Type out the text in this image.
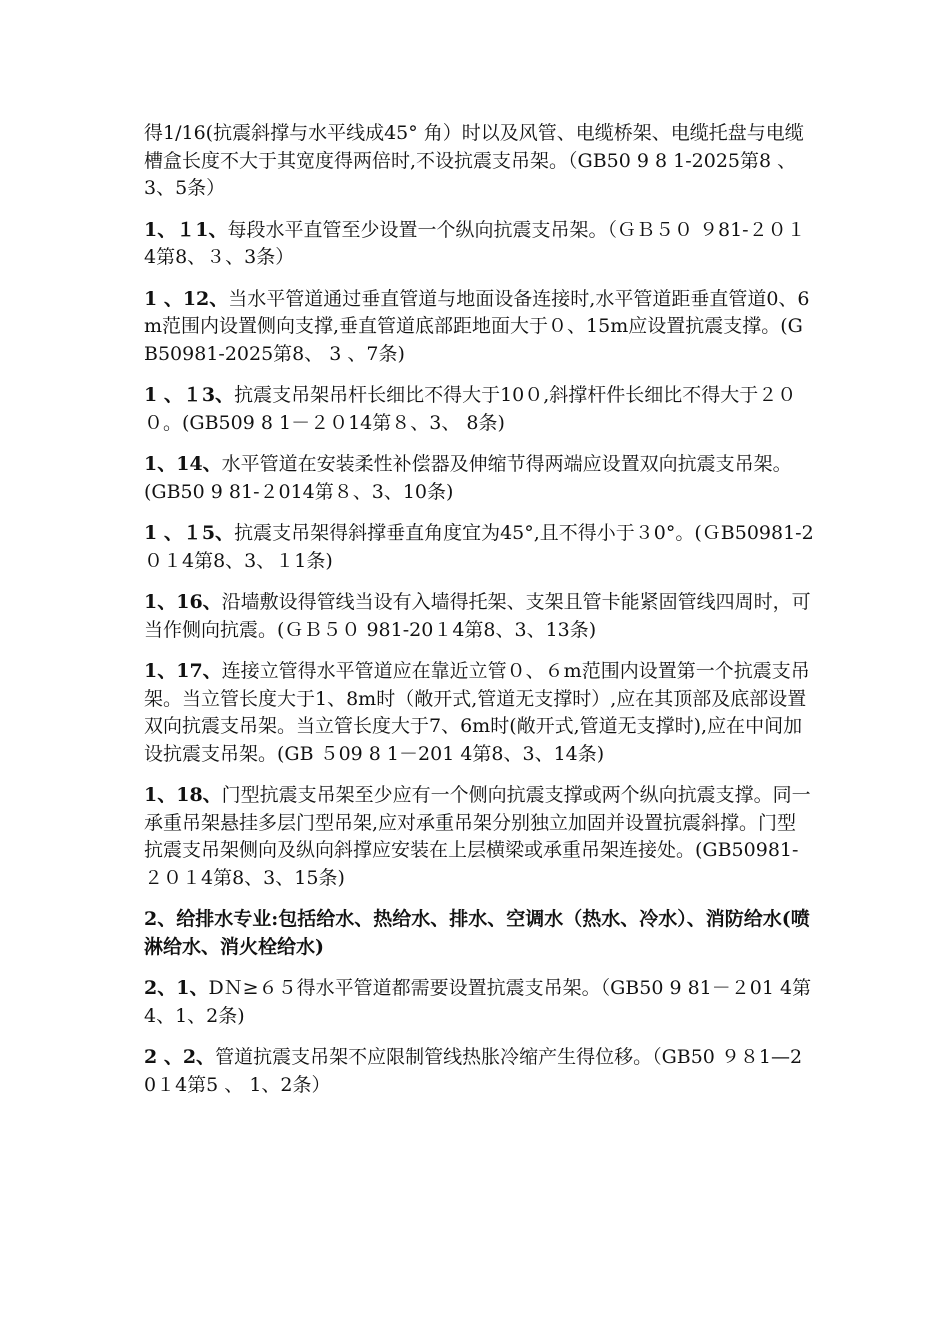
得1/16(抗震斜撑与水平线成45° 角）时以及风管、电缆桥架、电缆托盘与电缆槽盒长度不大于其宽度得两倍时,不设抗震支吊架。（GB50 9 8 1-2025第8 、3、5条）

1、１1、每段水平直管至少设置一个纵向抗震支吊架。（ＧＢ５０ ９81-２０１4第8、３、3条）

1 、12、当水平管道通过垂直管道与地面设备连接时,水平管道距垂直管道0、6m范围内设置侧向支撑,垂直管道底部距地面大于０、15m应设置抗震支撑。(GB50981-2025第8、 3 、7条)

1 、１3、抗震支吊架吊杆长细比不得大于10０,斜撑杆件长细比不得大于２００。(GB509 8 1－２０14第８、3、 8条)

1、14、水平管道在安装柔性补偿器及伸缩节得两端应设置双向抗震支吊架。(GB50 9 81-２014第８、3、10条)

1 、１5、抗震支吊架得斜撑垂直角度宜为45°,且不得小于３0°。(ＧB50981-2０１4第8、3、１1条)

1、16、沿墙敷设得管线当设有入墙得托架、支架且管卡能紧固管线四周时，可当作侧向抗震。(ＧＢ５０ 981-20１4第8、3、13条)

1、17、连接立管得水平管道应在靠近立管０、６m范围内设置第一个抗震支吊架。当立管长度大于1、8m时（敞开式,管道无支撑时）,应在其顶部及底部设置双向抗震支吊架。当立管长度大于7、6m时(敞开式,管道无支撑时),应在中间加设抗震支吊架。(GB ５09 8 1－201 4第8、3、14条)

1、18、门型抗震支吊架至少应有一个侧向抗震支撑或两个纵向抗震支撑。同一承重吊架悬挂多层门型吊架,应对承重吊架分别独立加固并设置抗震斜撑。门型抗震支吊架侧向及纵向斜撑应安装在上层横梁或承重吊架连接处。(GB50981-２０１4第8、3、15条)

2、给排水专业:包括给水、热给水、排水、空调水（热水、冷水）、消防给水(喷淋给水、消火栓给水)

2、1、DＮ≥６５得水平管道都需要设置抗震支吊架。（GB50 9 81－２01 4第4、1、2条)

2 、2、管道抗震支吊架不应限制管线热胀冷缩产生得位移。（GB50 ９８1—20１4第5 、 1、2条）
